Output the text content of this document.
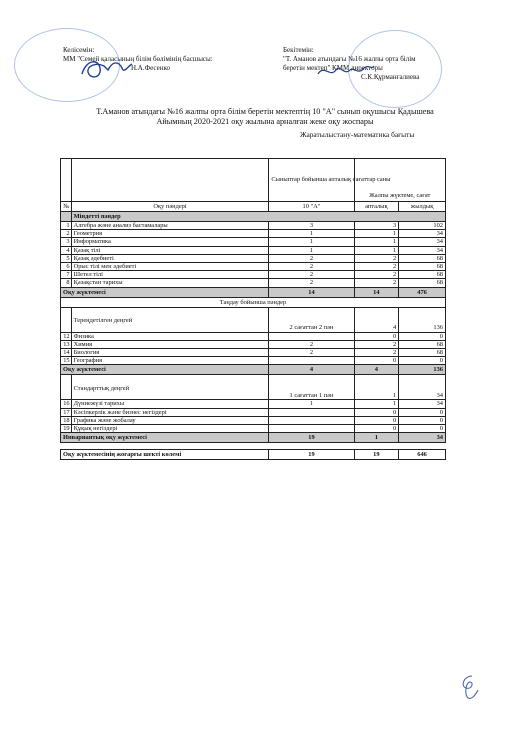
Келісемін:
ММ "Семей қаласының білім бөлімінің басшысы:
Н.А.Фесенко
Бекітемін:
"Т. Аманов атындағы №16 жалпы орта білім
беретін мектеп" КММ директоры
С.К.Құрманғалиева
Т.Аманов атындағы №16 жалпы орта білім беретін мектептің 10 "А" сынып оқушысы Қадышева
Айымның 2020-2021 оқу жылына арналған жеке оқу жоспары
Жаратылыстану-математика бағыты
		Сыныптар бойынша апталық сағаттар саны	Жалпы жүктеме, сағат	
№	Оқу пәндері	10 "А"	апталық	жылдық
	Міндетті пәндер			
1	Алгебра және анализ бастамалары	3	3	102
2	Геометрия	1	1	34
3	Информатика	1	1	34
4	Қазақ тілі	1	1	34
5	Қазақ әдебиеті	2	2	68
6	Орыс тілі мен әдебиеті	2	2	68
7	Шетел тілі	2	2	68
8	Қазақстан тарихы	2	2	68
Оқу жүктемесі		14	14	476
Таңдау бойынша пәндер				
	Тереңдетілген деңгей	2 сағаттан 2 пән	4	136
12	Физика		0	0
13	Химия	2	2	68
14	Биология	2	2	68
15	География		0	0
Оқу жүктемесі		4	4	136
	Стандарттық деңгей	1 сағаттан 1 пән	1	34
16	Дүниежүзі тарихы	1	1	34
17	Кәсіпкерлік және бизнес негіздері		0	0
18	Графика және жобалау		0	0
19	Құқық негіздері		0	0
Инвариантық оқу жүктемесі		19	1	34

Оқу жүктемесінің жоғарғы шекті көлемі		19	19	646
